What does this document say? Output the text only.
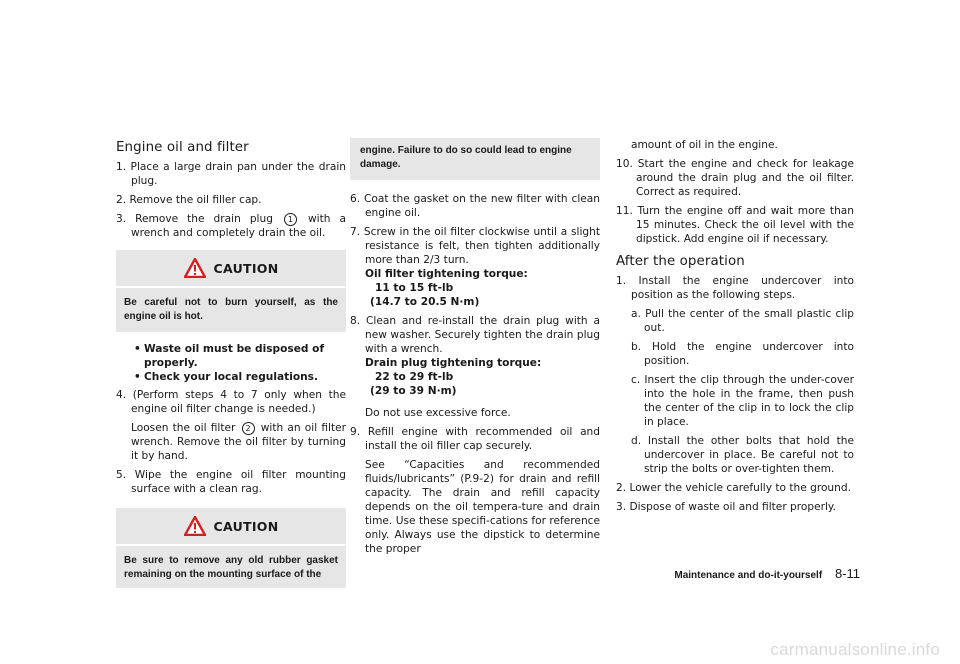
Engine oil and filter
1. Place a large drain pan under the drain plug.
2. Remove the oil filler cap.
3. Remove the drain plug 1 with a wrench and completely drain the oil.
CAUTION
Be careful not to burn yourself, as the engine oil is hot.
• Waste oil must be disposed of properly.
• Check your local regulations.
4. (Perform steps 4 to 7 only when the engine oil filter change is needed.)
Loosen the oil filter 2 with an oil filter wrench. Remove the oil filter by turning it by hand.
5. Wipe the engine oil filter mounting surface with a clean rag.
CAUTION
Be sure to remove any old rubber gasket remaining on the mounting surface of the
engine. Failure to do so could lead to engine damage.
6. Coat the gasket on the new filter with clean engine oil.
7. Screw in the oil filter clockwise until a slight resistance is felt, then tighten additionally more than 2/3 turn.
Oil filter tightening torque:
11 to 15 ft-lb
(14.7 to 20.5 N·m)
8. Clean and re-install the drain plug with a new washer. Securely tighten the drain plug with a wrench.
Drain plug tightening torque:
22 to 29 ft-lb
(29 to 39 N·m)
Do not use excessive force.
9. Refill engine with recommended oil and install the oil filler cap securely.
See “Capacities and recommended fluids/lubricants” (P.9-2) for drain and refill capacity. The drain and refill capacity depends on the oil tempera-ture and drain time. Use these specifi-cations for reference only. Always use the dipstick to determine the proper
amount of oil in the engine.
10. Start the engine and check for leakage around the drain plug and the oil filter. Correct as required.
11. Turn the engine off and wait more than 15 minutes. Check the oil level with the dipstick. Add engine oil if necessary.
After the operation
1. Install the engine undercover into position as the following steps.
a. Pull the center of the small plastic clip out.
b. Hold the engine undercover into position.
c. Insert the clip through the under-cover into the hole in the frame, then push the center of the clip in to lock the clip in place.
d. Install the other bolts that hold the undercover in place. Be careful not to strip the bolts or over-tighten them.
2. Lower the vehicle carefully to the ground.
3. Dispose of waste oil and filter properly.
Maintenance and do-it-yourself 8-11
carmanualsonline.info
